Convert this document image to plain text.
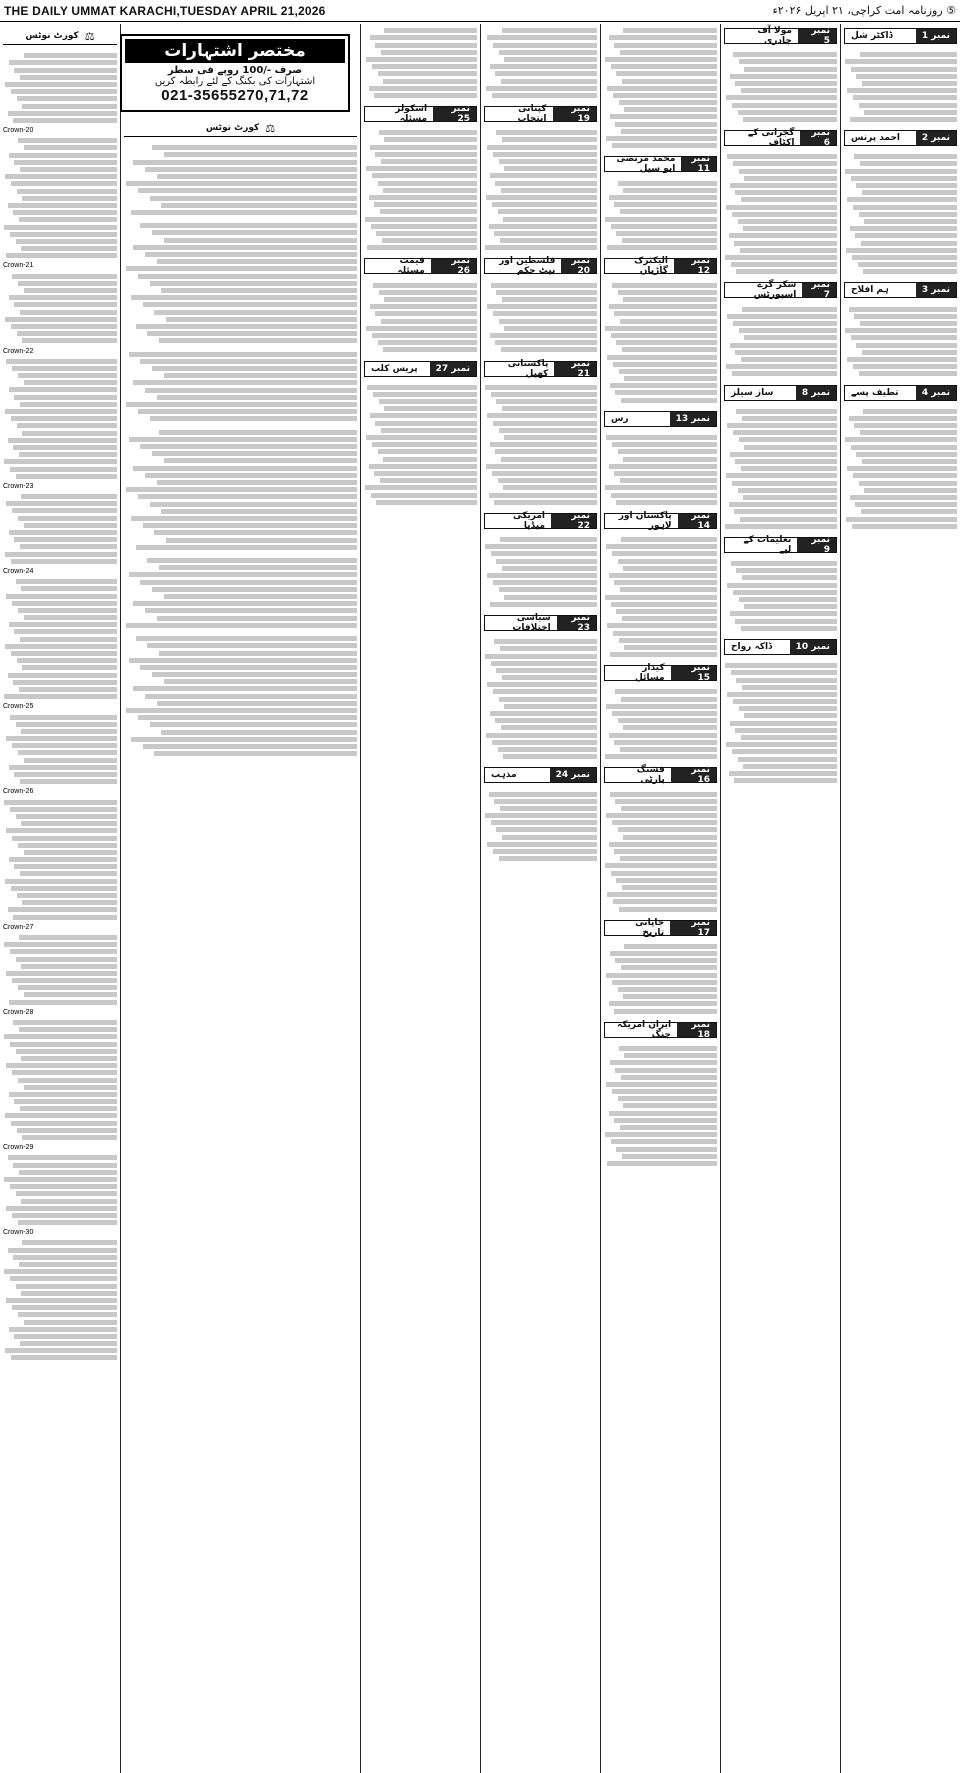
THE DAILY UMMAT KARACHI,TUESDAY APRIL 21,2026	⑤ روزنامہ امت کراچی، ۲۱ اپریل ۲۰۲۶ء
⚖
کورٹ نوٹس
Crown-20
Crown-21
Crown-22
Crown-23
Crown-24
Crown-25
Crown-26
Crown-27
Crown-28
Crown-29
Crown-30
⚖
کورٹ نوٹس
مختصر اشتہارات
صرف -/100 روپے فی سطر
اشتہارات کی بکنگ کے لئے رابطہ کریں
021-35655270,71,72
نمبر 25
اسکولز مسئلہ
نمبر 26
قیمت مسئلہ
نمبر 27
پریس کلب
نمبر 19
کپتانی انتخاب
نمبر 20
فلسطین اور نیٹ حکم
نمبر 21
پاکستانی کھیل
نمبر 22
امریکی میڈیا
نمبر 23
سیاسی اختلافات
نمبر 24
مذہب
نمبر 11
محمد مرتضی ابو سیل
نمبر 12
الیکٹرک گاڑیاں
نمبر 13
رس
نمبر 14
پاکستان اور لاہور
نمبر 15
کیدار مسائل
نمبر 16
فشنگ پارٹی
نمبر 17
جاپانی تاریخ
نمبر 18
ایران امریکہ جنگ
نمبر 5
مولا آف جادری
نمبر 6
گجرانی کے اکٹاف
نمبر 7
شکر گرے اسپورٹس
نمبر 8
ساز سیلز
نمبر 9
تعلیمات کے لیے
نمبر 10
ڈاکہ رواح
نمبر 1
ڈاکٹر شل
نمبر 2
احمد پرنس
نمبر 3
ہم افلاح
نمبر 4
تطیف پسے
